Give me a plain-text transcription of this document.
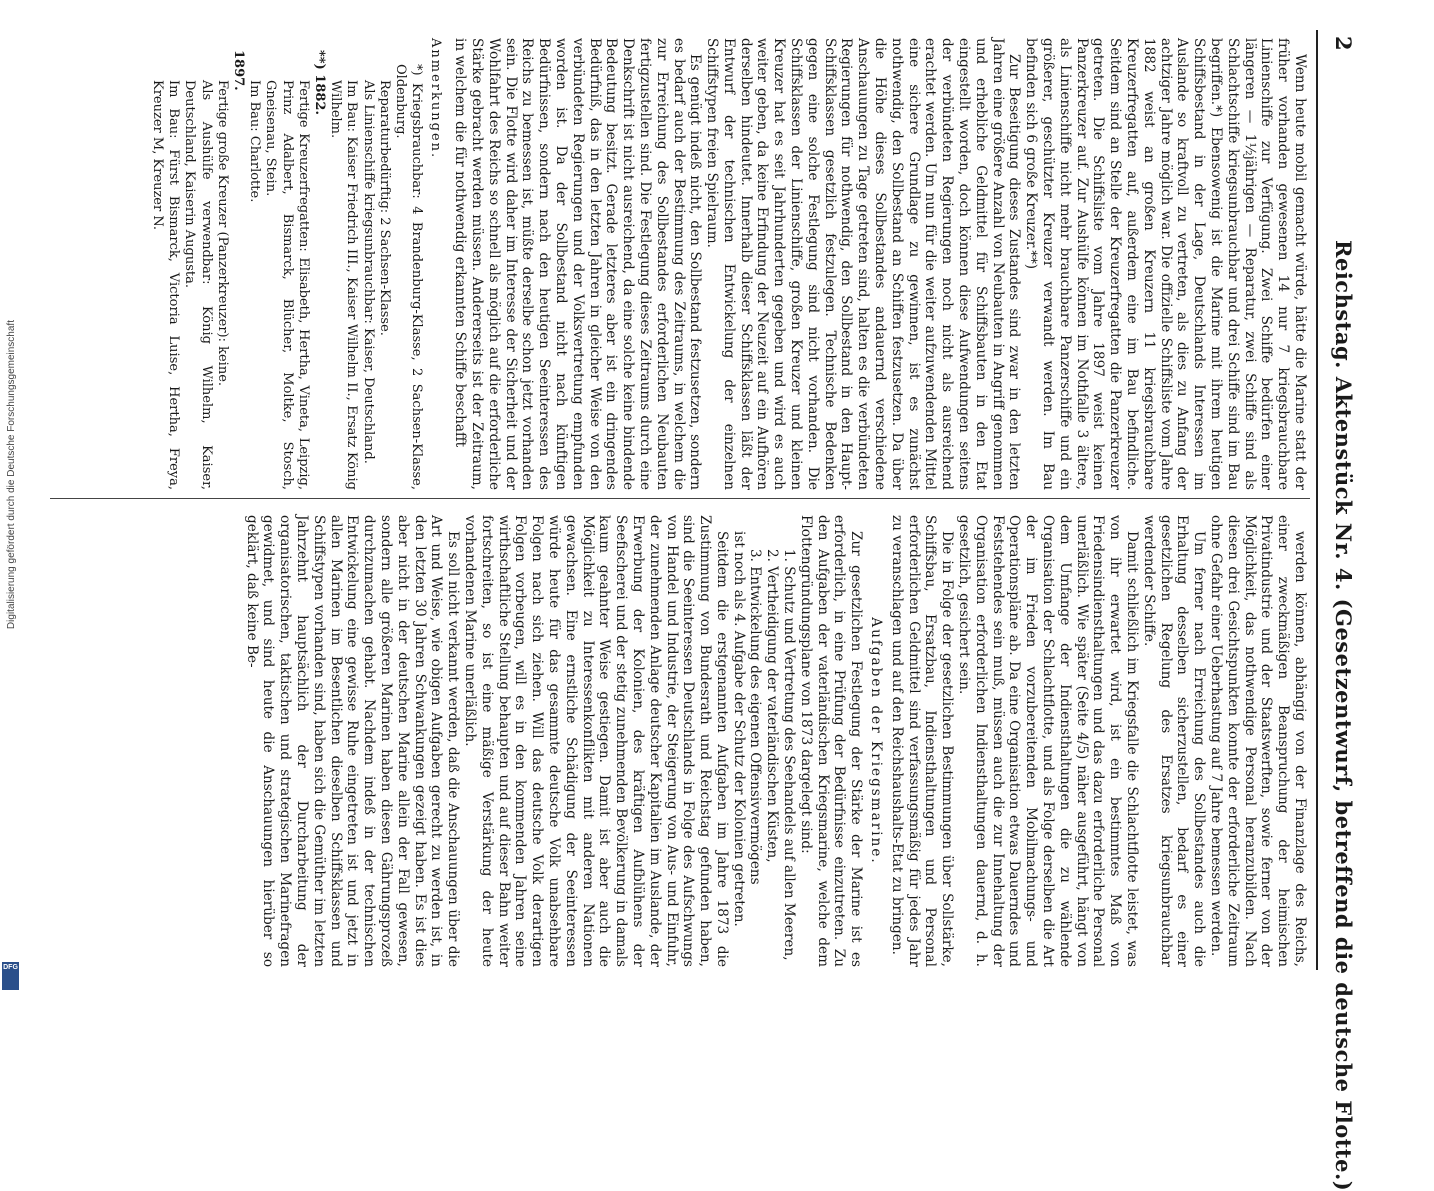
2
Reichstag. Aktenstück Nr. 4. (Gesetzentwurf, betreffend die deutsche Flotte.)

Wenn heute mobil gemacht würde, hätte die Marine statt der früher vorhanden gewesenen 14 nur 7 kriegsbrauchbare Linienschiffe zur Verfügung. Zwei Schiffe bedürfen einer längeren — 1½jährigen — Reparatur, zwei Schiffe sind als Schlachtschiffe kriegsunbrauchbar und drei Schiffe sind im Bau begriffen.*) Ebensowenig ist die Marine mit ihrem heutigen Schiffsbestand in der Lage, Deutschlands Interessen im Auslande so kraftvoll zu vertreten, als dies zu Anfang der achtziger Jahre möglich war. Die offizielle Schiffsliste vom Jahre 1882 weist an großen Kreuzern 11 kriegsbrauchbare Kreuzerfregatten auf, außerdem eine im Bau befindliche. Seitdem sind an Stelle der Kreuzerfregatten die Panzerkreuzer getreten. Die Schiffsliste vom Jahre 1897 weist keinen Panzerkreuzer auf. Zur Aushülfe können im Nothfalle 3 ältere, als Linienschiffe nicht mehr brauchbare Panzerschiffe und ein größerer, geschützter Kreuzer verwandt werden. Im Bau befinden sich 6 große Kreuzer.**)

Zur Beseitigung dieses Zustandes sind zwar in den letzten Jahren eine größere Anzahl von Neubauten in Angriff genommen und erhebliche Geldmittel für Schiffsbauten in den Etat eingestellt worden, doch können diese Aufwendungen seitens der verbündeten Regierungen noch nicht als ausreichend erachtet werden. Um nun für die weiter aufzuwendenden Mittel eine sichere Grundlage zu gewinnen, ist es zunächst nothwendig, den Sollbestand an Schiffen festzusetzen. Da über die Höhe dieses Sollbestandes andauernd verschiedene Anschauungen zu Tage getreten sind, halten es die verbündeten Regierungen für nothwendig, den Sollbestand in den Haupt-Schiffsklassen gesetzlich festzulegen. Technische Bedenken gegen eine solche Festlegung sind nicht vorhanden. Die Schiffsklassen der Linienschiffe, großen Kreuzer und kleinen Kreuzer hat es seit Jahrhunderten gegeben und wird es auch weiter geben, da keine Erfindung der Neuzeit auf ein Aufhören derselben hindeutet. Innerhalb dieser Schiffsklassen läßt der Entwurf der technischen Entwickelung der einzelnen Schiffstypen freien Spielraum.

Es genügt indeß nicht, den Sollbestand festzusetzen, sondern es bedarf auch der Bestimmung des Zeitraums, in welchem die zur Erreichung des Sollbestandes erforderlichen Neubauten fertigzustellen sind. Die Festlegung dieses Zeitraums durch eine Denkschrift ist nicht ausreichend, da eine solche keine bindende Bedeutung besitzt. Gerade letzteres aber ist ein dringendes Bedürfniß, das in den letzten Jahren in gleicher Weise von den verbündeten Regierungen und der Volksvertretung empfunden worden ist. Da der Sollbestand nicht nach künftigen Bedürfnissen, sondern nach den heutigen Seeinteressen des Reichs zu bemessen ist, müßte derselbe schon jetzt vorhanden sein. Die Flotte wird daher im Interesse der Sicherheit und der Wohlfahrt des Reichs so schnell als möglich auf die erforderliche Stärke gebracht werden müssen. Andererseits ist der Zeitraum, in welchem die für nothwendig erkannten Schiffe beschafft

Anmerkungen.

*) Kriegsbrauchbar: 4 Brandenburg-Klasse, 2 Sachsen-Klasse, Oldenburg.

Reparaturbedürftig: 2 Sachsen-Klasse.

Als Linienschiffe kriegsunbrauchbar: Kaiser, Deutschland.

Im Bau: Kaiser Friedrich III., Kaiser Wilhelm II., Ersatz König Wilhelm.

**) 1882.

Fertige Kreuzerfregatten: Elisabeth, Hertha, Vineta, Leipzig, Prinz Adalbert, Bismarck, Blücher, Moltke, Stosch, Gneisenau, Stein.

Im Bau: Charlotte.

1897.

Fertige große Kreuzer (Panzerkreuzer): keine.

Als Aushülfe verwendbar: König Wilhelm, Kaiser, Deutschland, Kaiserin Augusta.

Im Bau: Fürst Bismarck, Victoria Luise, Hertha, Freya, Kreuzer M, Kreuzer N.

werden können, abhängig von der Finanzlage des Reichs, einer zweckmäßigen Beanspruchung der heimischen Privatindustrie und der Staatswerften, sowie ferner von der Möglichkeit, das nothwendige Personal heranzubilden. Nach diesen drei Gesichtspunkten konnte der erforderliche Zeitraum ohne Gefahr einer Ueberhastung auf 7 Jahre bemessen werden.

Um ferner nach Erreichung des Sollbestandes auch die Erhaltung desselben sicherzustellen, bedarf es einer gesetzlichen Regelung des Ersatzes kriegsunbrauchbar werdender Schiffe.

Damit schließlich im Kriegsfalle die Schlachtflotte leistet, was von ihr erwartet wird, ist ein bestimmtes Maß von Friedensindiensthaltungen und das dazu erforderliche Personal unerläßlich. Wie später (Seite 4/5) näher ausgeführt, hängt von dem Umfange der Indiensthaltungen die zu wählende Organisation der Schlachtflotte, und als Folge derselben die Art der im Frieden vorzubereitenden Mobilmachungs- und Operationspläne ab. Da eine Organisation etwas Dauerndes und Feststehendes sein muß, müssen auch die zur Innehaltung der Organisation erforderlichen Indiensthaltungen dauernd, d. h. gesetzlich, gesichert sein.

Die in Folge der gesetzlichen Bestimmungen über Sollstärke, Schiffsbau, Ersatzbau, Indiensthaltungen und Personal erforderlichen Geldmittel sind verfassungsmäßig für jedes Jahr zu veranschlagen und auf den Reichshaushalts-Etat zu bringen.

Aufgaben der Kriegsmarine.

Zur gesetzlichen Festlegung der Stärke der Marine ist es erforderlich, in eine Prüfung der Bedürfnisse einzutreten. Zu den Aufgaben der vaterländischen Kriegsmarine, welche dem Flottengründungsplane von 1873 dargelegt sind:

1. Schutz und Vertretung des Seehandels auf allen Meeren,

2. Vertheidigung der vaterländischen Küsten,

3. Entwickelung des eigenen Offensivvermögens

ist noch als 4. Aufgabe der Schutz der Kolonien getreten.

Seitdem die erstgenannten Aufgaben im Jahre 1873 die Zustimmung von Bundesrath und Reichstag gefunden haben, sind die Seeinteressen Deutschlands in Folge des Aufschwungs von Handel und Industrie, der Steigerung von Aus- und Einfuhr, der zunehmenden Anlage deutscher Kapitalien im Auslande, der Erwerbung der Kolonien, des kräftigen Aufblühens der Seefischerei und der stetig zunehmenden Bevölkerung in damals kaum geahnter Weise gestiegen. Damit ist aber auch die Möglichkeit zu Interessenkonflikten mit anderen Nationen gewachsen. Eine ernstliche Schädigung der Seeinteressen würde heute für das gesammte deutsche Volk unabsehbare Folgen nach sich ziehen. Will das deutsche Volk derartigen Folgen vorbeugen, will es in den kommenden Jahren seine wirthschaftliche Stellung behaupten und auf dieser Bahn weiter fortschreiten, so ist eine mäßige Verstärkung der heute vorhandenen Marine unerläßlich.

Es soll nicht verkannt werden, daß die Anschauungen über die Art und Weise, wie obigen Aufgaben gerecht zu werden ist, in den letzten 30 Jahren Schwankungen gezeigt haben. Es ist dies aber nicht in der deutschen Marine allein der Fall gewesen, sondern alle größeren Marinen haben diesen Gährungsprozeß durchzumachen gehabt. Nachdem indeß in der technischen Entwickelung eine gewisse Ruhe eingetreten ist und jetzt in allen Marinen im Besentlichen dieselben Schiffsklassen und Schiffstypen vorhanden sind, haben sich die Gemüther im letzten Jahrzehnt hauptsächlich der Durcharbeitung der organisatorischen, taktischen und strategischen Marinefragen gewidmet, und sind heute die Anschauungen hierüber so geklärt, daß keine Be-

Digitalisierung gefördert durch die Deutsche Forschungsgemeinschaft
DFG
